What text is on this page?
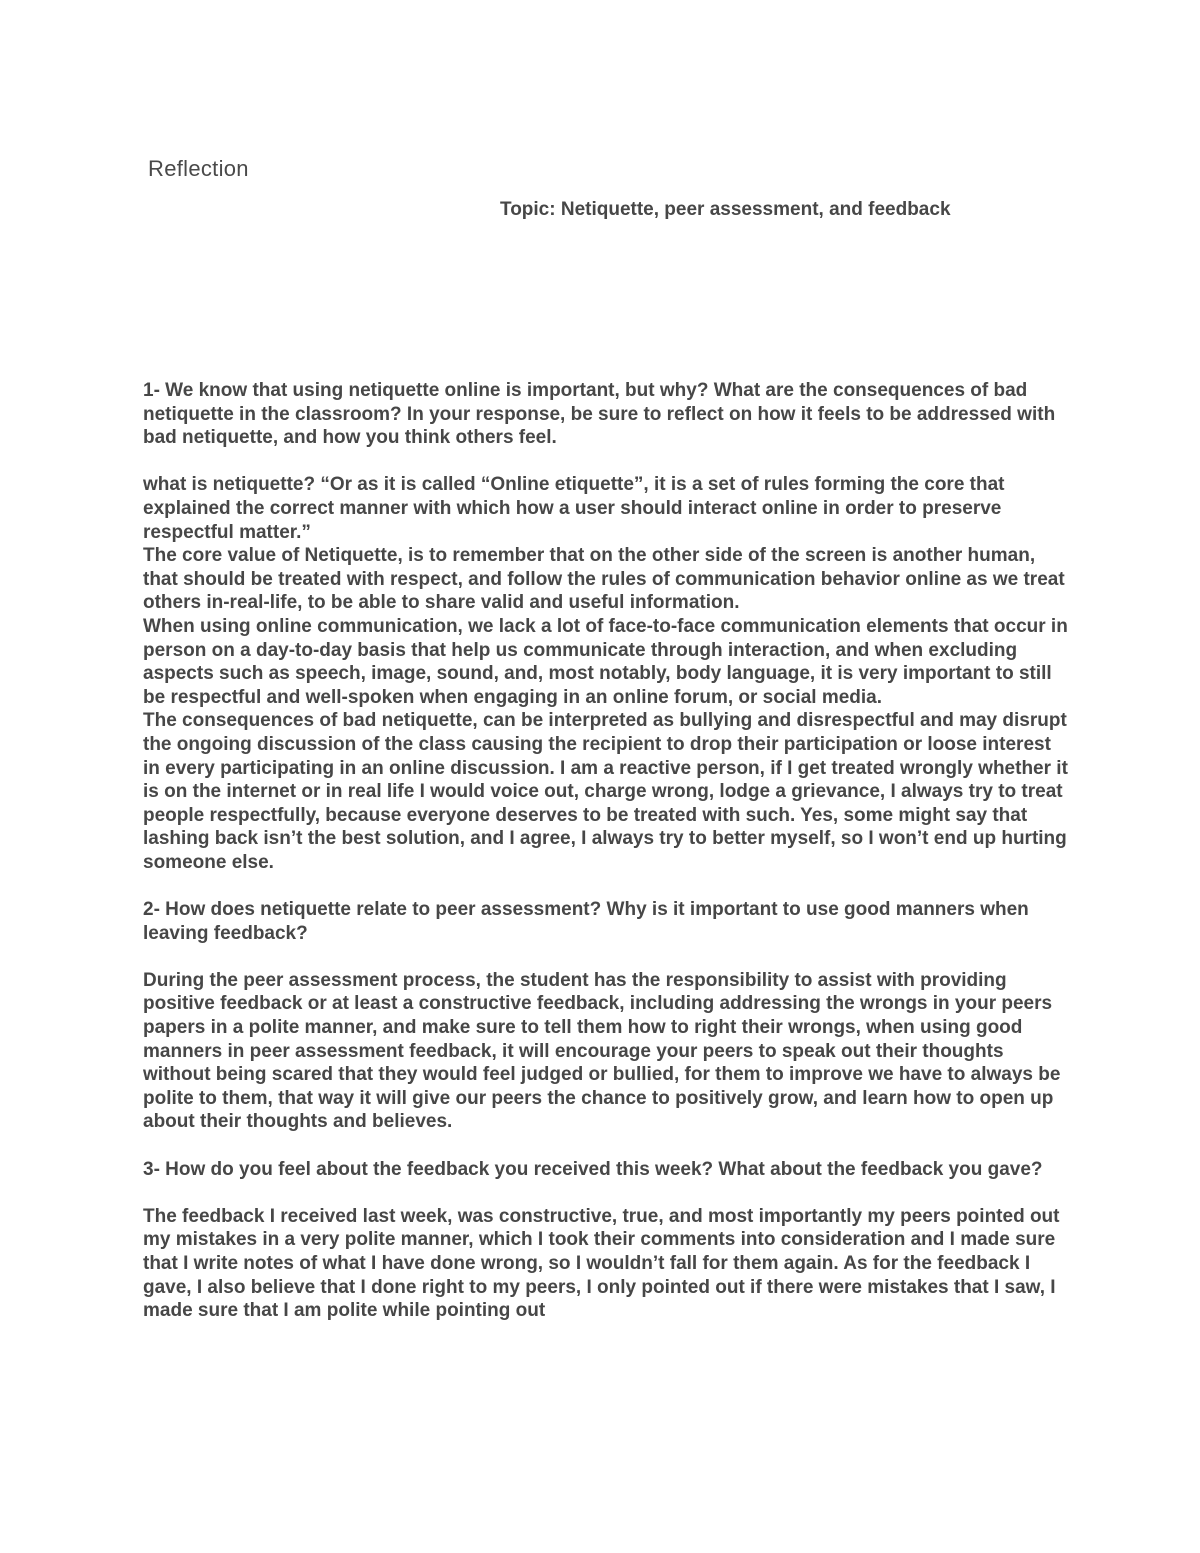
Reflection
Topic: Netiquette, peer assessment, and feedback

1- We know that using netiquette online is important, but why? What are the consequences of bad netiquette in the classroom? In your response, be sure to reflect on how it feels to be addressed with bad netiquette, and how you think others feel.

what is netiquette? “Or as it is called “Online etiquette”, it is a set of rules forming the core that explained the correct manner with which how a user should interact online in order to preserve respectful matter.”

The core value of Netiquette, is to remember that on the other side of the screen is another human, that should be treated with respect, and follow the rules of communication behavior online as we treat others in-real-life, to be able to share valid and useful information.

When using online communication, we lack a lot of face-to-face communication elements that occur in person on a day-to-day basis that help us communicate through interaction, and when excluding aspects such as speech, image, sound, and, most notably, body language, it is very important to still be respectful and well-spoken when engaging in an online forum, or social media.

The consequences of bad netiquette, can be interpreted as bullying and disrespectful and may disrupt the ongoing discussion of the class causing the recipient to drop their participation or loose interest in every participating in an online discussion. I am a reactive person, if I get treated wrongly whether it is on the internet or in real life I would voice out, charge wrong, lodge a grievance, I always try to treat people respectfully, because everyone deserves to be treated with such. Yes, some might say that lashing back isn’t the best solution, and I agree, I always try to better myself, so I won’t end up hurting someone else.

2- How does netiquette relate to peer assessment? Why is it important to use good manners when leaving feedback?

During the peer assessment process, the student has the responsibility to assist with providing positive feedback or at least a constructive feedback, including addressing the wrongs in your peers papers in a polite manner, and make sure to tell them how to right their wrongs, when using good manners in peer assessment feedback, it will encourage your peers to speak out their thoughts without being scared that they would feel judged or bullied, for them to improve we have to always be polite to them, that way it will give our peers the chance to positively grow, and learn how to open up about their thoughts and believes.

3- How do you feel about the feedback you received this week? What about the feedback you gave?

The feedback I received last week, was constructive, true, and most importantly my peers pointed out my mistakes in a very polite manner, which I took their comments into consideration and I made sure that I write notes of what I have done wrong, so I wouldn’t fall for them again. As for the feedback I gave, I also believe that I done right to my peers, I only pointed out if there were mistakes that I saw, I made sure that I am polite while pointing out
